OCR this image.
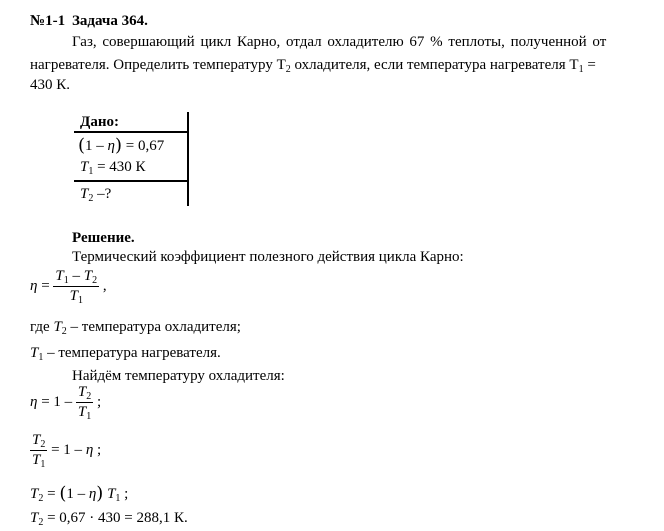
№1-1 Задача 364.
Газ, совершающий цикл Карно, отдал охладителю 67 % теплоты, полученной от
нагревателя. Определить температуру $T_2$ охладителя, если температура нагревателя $T_1$ =
430 К.
Дано:
(1 – η) = 0,67
$T_1 = 430$ К
$T_2$ –?
Решение.
Термический коэффициент полезного действия цикла Карно:
$\eta = \frac{T_1 - T_2}{T_1}$ ,
где $T_2$ – температура охладителя;
$T_1$ – температура нагревателя.
Найдём температуру охладителя:
$\eta = 1 - \frac{T_2}{T_1}$ ;
$\frac{T_2}{T_1} = 1 - \eta$ ;
$T_2 = (1 - \eta)$ $T_1$ ;
$T_2 = 0,67 \cdot 430 = 288,1$ К.
